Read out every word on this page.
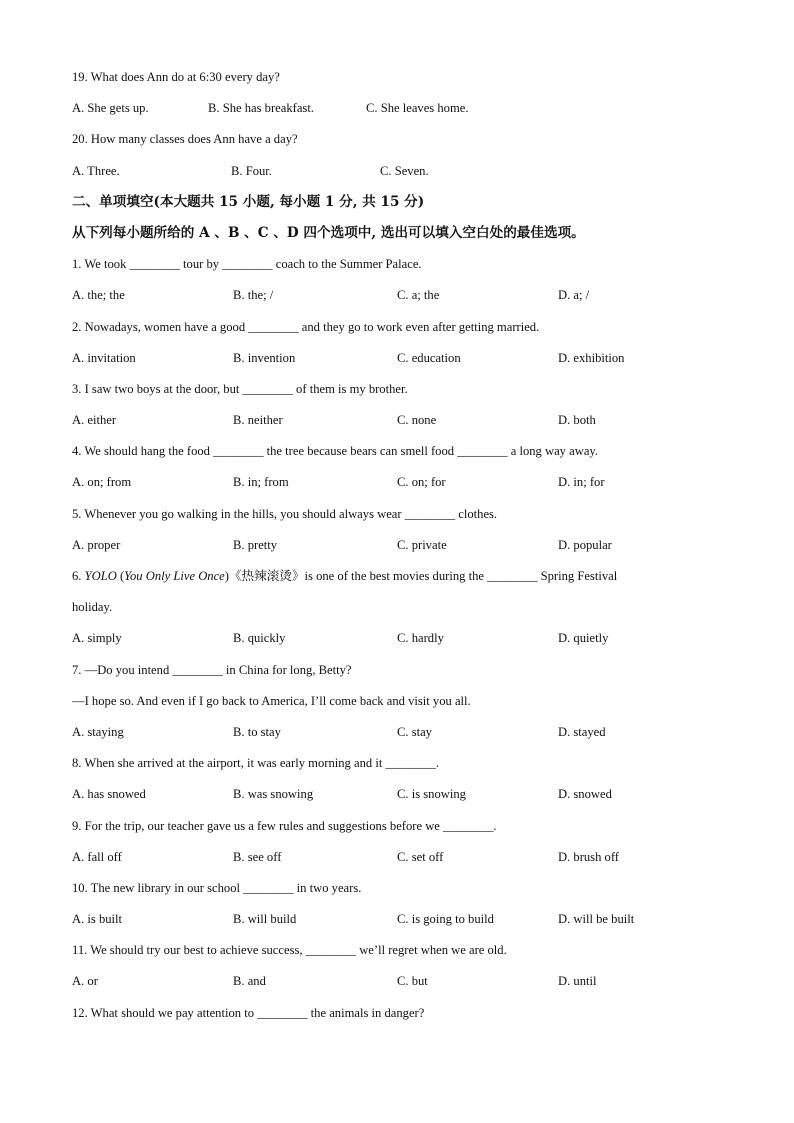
19. What does Ann do at 6:30 every day?
A. She gets up.	B. She has breakfast.	C. She leaves home.
20. How many classes does Ann have a day?
A. Three.	B. Four.	C. Seven.
二、单项填空(本大题共 15 小题, 每小题 1 分, 共 15 分)
从下列每小题所给的 A 、B 、C 、D 四个选项中, 选出可以填入空白处的最佳选项。
1. We took ________ tour by ________ coach to the Summer Palace.
A. the; the	B. the; /	C. a; the	D. a; /
2. Nowadays, women have a good ________ and they go to work even after getting married.
A. invitation	B. invention	C. education	D. exhibition
3. I saw two boys at the door, but ________ of them is my brother.
A. either	B. neither	C. none	D. both
4. We should hang the food ________ the tree because bears can smell food ________ a long way away.
A. on; from	B. in; from	C. on; for	D. in; for
5. Whenever you go walking in the hills, you should always wear ________ clothes.
A. proper	B. pretty	C. private	D. popular
6. YOLO (You Only Live Once)《热辣滚烫》is one of the best movies during the ________ Spring Festival
holiday.
A. simply	B. quickly	C. hardly	D. quietly
7. —Do you intend ________ in China for long, Betty?
—I hope so. And even if I go back to America, I’ll come back and visit you all.
A. staying	B. to stay	C. stay	D. stayed
8. When she arrived at the airport, it was early morning and it ________.
A. has snowed	B. was snowing	C. is snowing	D. snowed
9. For the trip, our teacher gave us a few rules and suggestions before we ________.
A. fall off	B. see off	C. set off	D. brush off
10. The new library in our school ________ in two years.
A. is built	B. will build	C. is going to build	D. will be built
11. We should try our best to achieve success, ________ we’ll regret when we are old.
A. or	B. and	C. but	D. until
12. What should we pay attention to ________ the animals in danger?
